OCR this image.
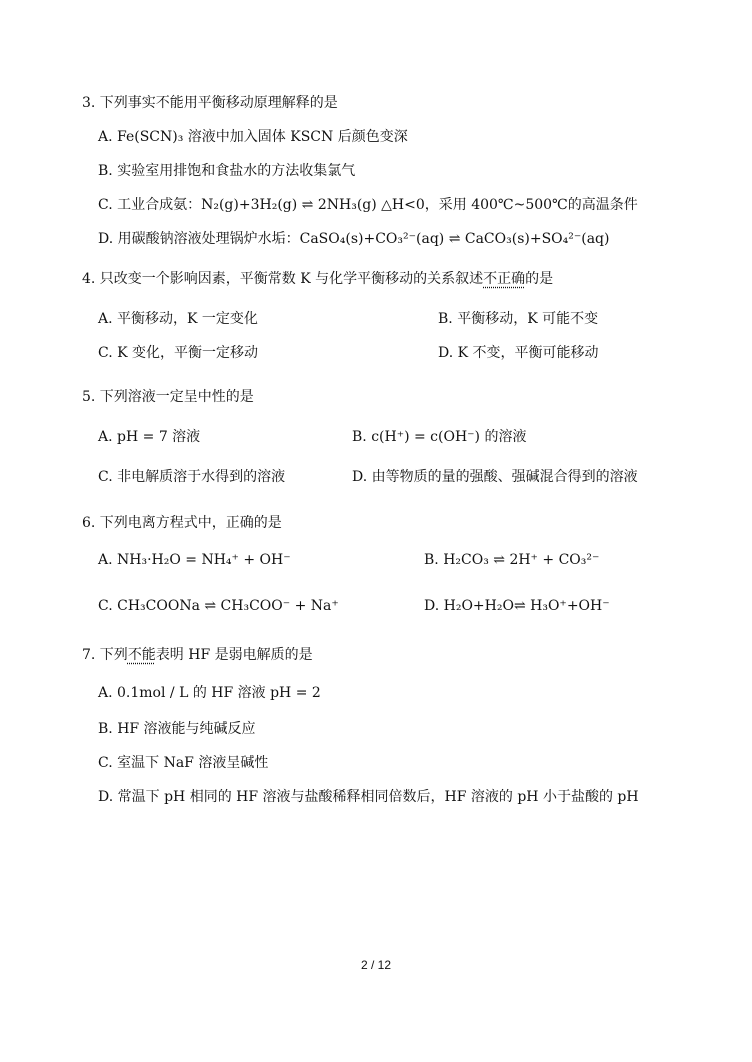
3. 下列事实不能用平衡移动原理解释的是
A. Fe(SCN)₃ 溶液中加入固体 KSCN 后颜色变深
B. 实验室用排饱和食盐水的方法收集氯气
C. 工业合成氨：N₂(g)+3H₂(g) ⇌ 2NH₃(g) △H<0，采用 400℃~500℃的高温条件
D. 用碳酸钠溶液处理锅炉水垢：CaSO₄(s)+CO₃²⁻(aq) ⇌ CaCO₃(s)+SO₄²⁻(aq)
4. 只改变一个影响因素，平衡常数 K 与化学平衡移动的关系叙述不正确的是
A. 平衡移动，K 一定变化	B. 平衡移动，K 可能不变
C. K 变化，平衡一定移动	D. K 不变，平衡可能移动
5. 下列溶液一定呈中性的是
A. pH = 7 溶液	B. c(H⁺) = c(OH⁻) 的溶液
C. 非电解质溶于水得到的溶液	D. 由等物质的量的强酸、强碱混合得到的溶液
6. 下列电离方程式中，正确的是
A. NH₃·H₂O = NH₄⁺ + OH⁻	B. H₂CO₃ ⇌ 2H⁺ + CO₃²⁻
C. CH₃COONa ⇌ CH₃COO⁻ + Na⁺	D. H₂O+H₂O⇌ H₃O⁺+OH⁻
7. 下列不能表明 HF 是弱电解质的是
A. 0.1mol / L 的 HF 溶液 pH = 2
B. HF 溶液能与纯碱反应
C. 室温下 NaF 溶液呈碱性
D. 常温下 pH 相同的 HF 溶液与盐酸稀释相同倍数后，HF 溶液的 pH 小于盐酸的 pH
2 / 12
